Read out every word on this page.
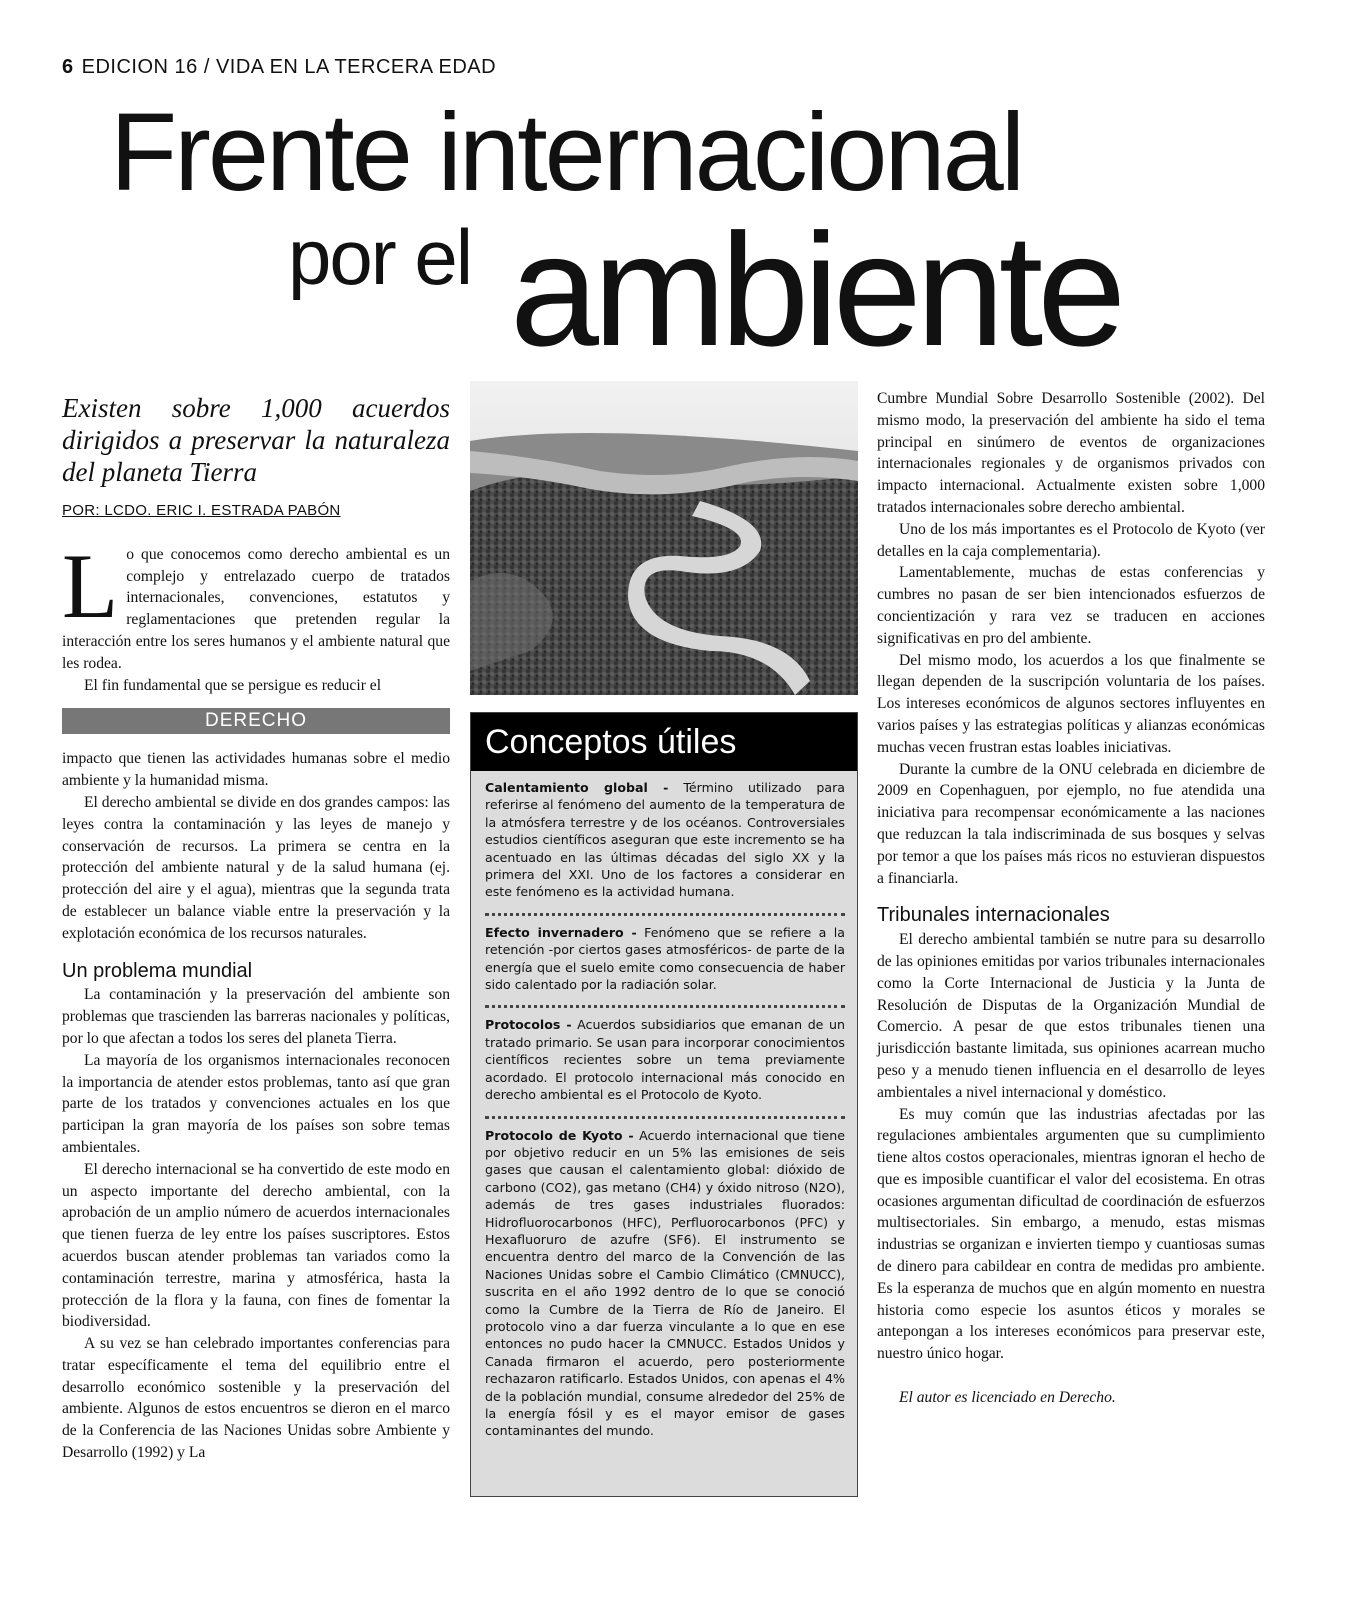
6 EDICION 16 / VIDA EN LA TERCERA EDAD
Frente internacional
por el ambiente
Existen sobre 1,000 acuerdos dirigidos a preservar la naturaleza del planeta Tierra
POR: LCDO. ERIC I. ESTRADA PABÓN

Lo que conocemos como derecho ambiental es un complejo y entrelazado cuerpo de tratados internacionales, convenciones, estatutos y reglamentaciones que pretenden regular la interacción entre los seres humanos y el ambiente natural que les rodea.

El fin fundamental que se persigue es reducir el

DERECHO

impacto que tienen las actividades humanas sobre el medio ambiente y la humanidad misma.

El derecho ambiental se divide en dos grandes campos: las leyes contra la contaminación y las leyes de manejo y conservación de recursos. La primera se centra en la protección del ambiente natural y de la salud humana (ej. protección del aire y el agua), mientras que la segunda trata de establecer un balance viable entre la preservación y la explotación económica de los recursos naturales.

Un problema mundial

La contaminación y la preservación del ambiente son problemas que trascienden las barreras nacionales y políticas, por lo que afectan a todos los seres del planeta Tierra.

La mayoría de los organismos internacionales reconocen la importancia de atender estos problemas, tanto así que gran parte de los tratados y convenciones actuales en los que participan la gran mayoría de los países son sobre temas ambientales.

El derecho internacional se ha convertido de este modo en un aspecto importante del derecho ambiental, con la aprobación de un amplio número de acuerdos internacionales que tienen fuerza de ley entre los países suscriptores. Estos acuerdos buscan atender problemas tan variados como la contaminación terrestre, marina y atmosférica, hasta la protección de la flora y la fauna, con fines de fomentar la biodiversidad.

A su vez se han celebrado importantes conferencias para tratar específicamente el tema del equilibrio entre el desarrollo económico sostenible y la preservación del ambiente. Algunos de estos encuentros se dieron en el marco de la Conferencia de las Naciones Unidas sobre Ambiente y Desarrollo (1992) y La

Conceptos útiles
Calentamiento global - Término utilizado para referirse al fenómeno del aumento de la temperatura de la atmósfera terrestre y de los océanos. Controversiales estudios científicos aseguran que este incremento se ha acentuado en las últimas décadas del siglo XX y la primera del XXI. Uno de los factores a considerar en este fenómeno es la actividad humana.
Efecto invernadero - Fenómeno que se refiere a la retención -por ciertos gases atmosféricos- de parte de la energía que el suelo emite como consecuencia de haber sido calentado por la radiación solar.
Protocolos - Acuerdos subsidiarios que emanan de un tratado primario. Se usan para incorporar conocimientos científicos recientes sobre un tema previamente acordado. El protocolo internacional más conocido en derecho ambiental es el Protocolo de Kyoto.
Protocolo de Kyoto - Acuerdo internacional que tiene por objetivo reducir en un 5% las emisiones de seis gases que causan el calentamiento global: dióxido de carbono (CO2), gas metano (CH4) y óxido nitroso (N2O), además de tres gases industriales fluorados: Hidrofluorocarbonos (HFC), Perfluorocarbonos (PFC) y Hexafluoruro de azufre (SF6). El instrumento se encuentra dentro del marco de la Convención de las Naciones Unidas sobre el Cambio Climático (CMNUCC), suscrita en el año 1992 dentro de lo que se conoció como la Cumbre de la Tierra de Río de Janeiro. El protocolo vino a dar fuerza vinculante a lo que en ese entonces no pudo hacer la CMNUCC. Estados Unidos y Canada firmaron el acuerdo, pero posteriormente rechazaron ratificarlo. Estados Unidos, con apenas el 4% de la población mundial, consume alrededor del 25% de la energía fósil y es el mayor emisor de gases contaminantes del mundo.

Cumbre Mundial Sobre Desarrollo Sostenible (2002). Del mismo modo, la preservación del ambiente ha sido el tema principal en sinúmero de eventos de organizaciones internacionales regionales y de organismos privados con impacto internacional. Actualmente existen sobre 1,000 tratados internacionales sobre derecho ambiental.

Uno de los más importantes es el Protocolo de Kyoto (ver detalles en la caja complementaria).

Lamentablemente, muchas de estas conferencias y cumbres no pasan de ser bien intencionados esfuerzos de concientización y rara vez se traducen en acciones significativas en pro del ambiente.

Del mismo modo, los acuerdos a los que finalmente se llegan dependen de la suscripción voluntaria de los países. Los intereses económicos de algunos sectores influyentes en varios países y las estrategias políticas y alianzas económicas muchas vecen frustran estas loables iniciativas.

Durante la cumbre de la ONU celebrada en diciembre de 2009 en Copenhaguen, por ejemplo, no fue atendida una iniciativa para recompensar económicamente a las naciones que reduzcan la tala indiscriminada de sus bosques y selvas por temor a que los países más ricos no estuvieran dispuestos a financiarla.

Tribunales internacionales

El derecho ambiental también se nutre para su desarrollo de las opiniones emitidas por varios tribunales internacionales como la Corte Internacional de Justicia y la Junta de Resolución de Disputas de la Organización Mundial de Comercio. A pesar de que estos tribunales tienen una jurisdicción bastante limitada, sus opiniones acarrean mucho peso y a menudo tienen influencia en el desarrollo de leyes ambientales a nivel internacional y doméstico.

Es muy común que las industrias afectadas por las regulaciones ambientales argumenten que su cumplimiento tiene altos costos operacionales, mientras ignoran el hecho de que es imposible cuantificar el valor del ecosistema. En otras ocasiones argumentan dificultad de coordinación de esfuerzos multisectoriales. Sin embargo, a menudo, estas mismas industrias se organizan e invierten tiempo y cuantiosas sumas de dinero para cabildear en contra de medidas pro ambiente. Es la esperanza de muchos que en algún momento en nuestra historia como especie los asuntos éticos y morales se antepongan a los intereses económicos para preservar este, nuestro único hogar.

El autor es licenciado en Derecho.
